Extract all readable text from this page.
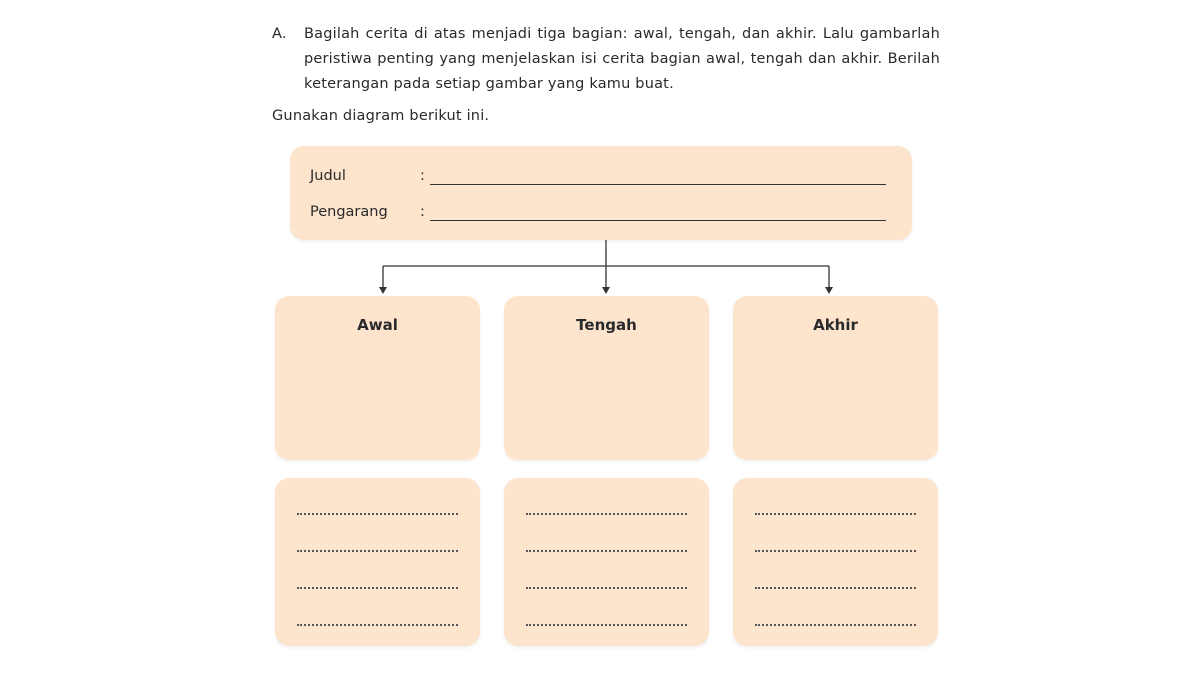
A. Bagilah cerita di atas menjadi tiga bagian: awal, tengah, dan akhir. Lalu gambarlah peristiwa penting yang menjelaskan isi cerita bagian awal, tengah dan akhir. Berilah keterangan pada setiap gambar yang kamu buat.
Gunakan diagram berikut ini.
Judul	:
Pengarang :
Awal	Tengah	Akhir
